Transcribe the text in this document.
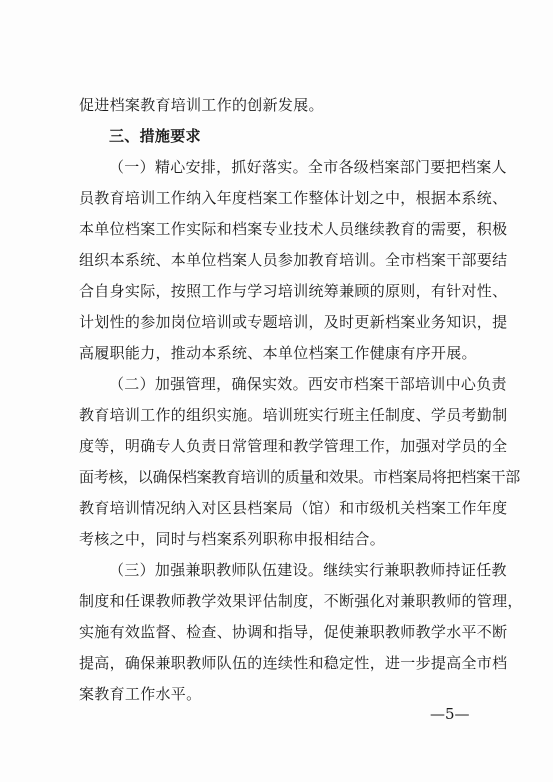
促进档案教育培训工作的创新发展。
三、措施要求
（一）精心安排，抓好落实。全市各级档案部门要把档案人
员教育培训工作纳入年度档案工作整体计划之中，根据本系统、
本单位档案工作实际和档案专业技术人员继续教育的需要，积极
组织本系统、本单位档案人员参加教育培训。全市档案干部要结
合自身实际，按照工作与学习培训统筹兼顾的原则，有针对性、
计划性的参加岗位培训或专题培训，及时更新档案业务知识，提
高履职能力，推动本系统、本单位档案工作健康有序开展。
（二）加强管理，确保实效。西安市档案干部培训中心负责
教育培训工作的组织实施。培训班实行班主任制度、学员考勤制
度等，明确专人负责日常管理和教学管理工作，加强对学员的全
面考核，以确保档案教育培训的质量和效果。市档案局将把档案干部
教育培训情况纳入对区县档案局（馆）和市级机关档案工作年度
考核之中，同时与档案系列职称申报相结合。
（三）加强兼职教师队伍建设。继续实行兼职教师持证任教
制度和任课教师教学效果评估制度，不断强化对兼职教师的管理，
实施有效监督、检查、协调和指导，促使兼职教师教学水平不断
提高，确保兼职教师队伍的连续性和稳定性，进一步提高全市档
案教育工作水平。
—5—
